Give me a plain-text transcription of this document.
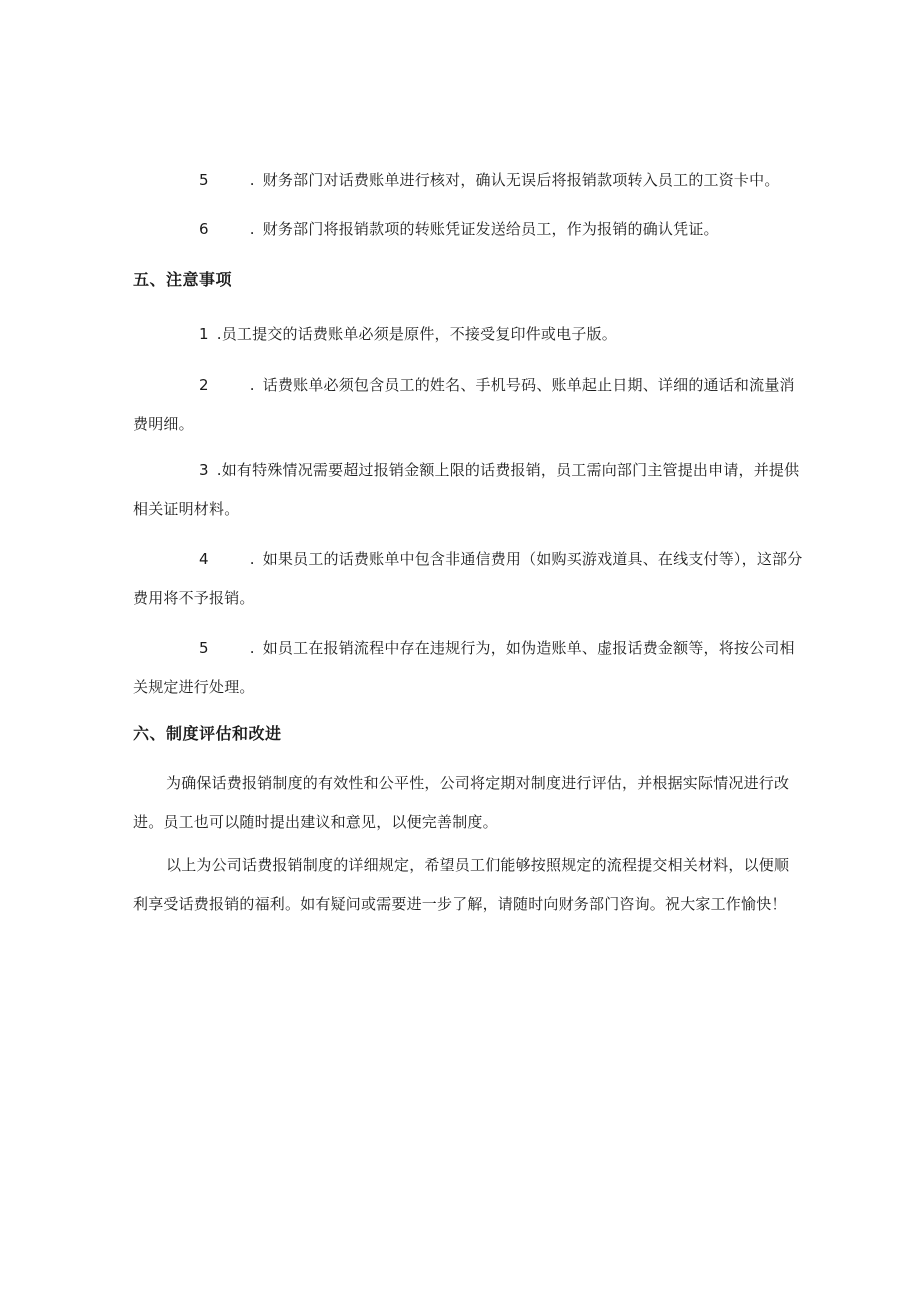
5	. 财务部门对话费账单进行核对，确认无误后将报销款项转入员工的工资卡中。
6	. 财务部门将报销款项的转账凭证发送给员工，作为报销的确认凭证。
五、注意事项
1 .员工提交的话费账单必须是原件，不接受复印件或电子版。
2	. 话费账单必须包含员工的姓名、手机号码、账单起止日期、详细的通话和流量消费明细。
3 .如有特殊情况需要超过报销金额上限的话费报销，员工需向部门主管提出申请，并提供相关证明材料。
4	. 如果员工的话费账单中包含非通信费用（如购买游戏道具、在线支付等），这部分费用将不予报销。
5	. 如员工在报销流程中存在违规行为，如伪造账单、虚报话费金额等，将按公司相关规定进行处理。
六、制度评估和改进
为确保话费报销制度的有效性和公平性，公司将定期对制度进行评估，并根据实际情况进行改进。员工也可以随时提出建议和意见，以便完善制度。
以上为公司话费报销制度的详细规定，希望员工们能够按照规定的流程提交相关材料，以便顺利享受话费报销的福利。如有疑问或需要进一步了解，请随时向财务部门咨询。祝大家工作愉快！
